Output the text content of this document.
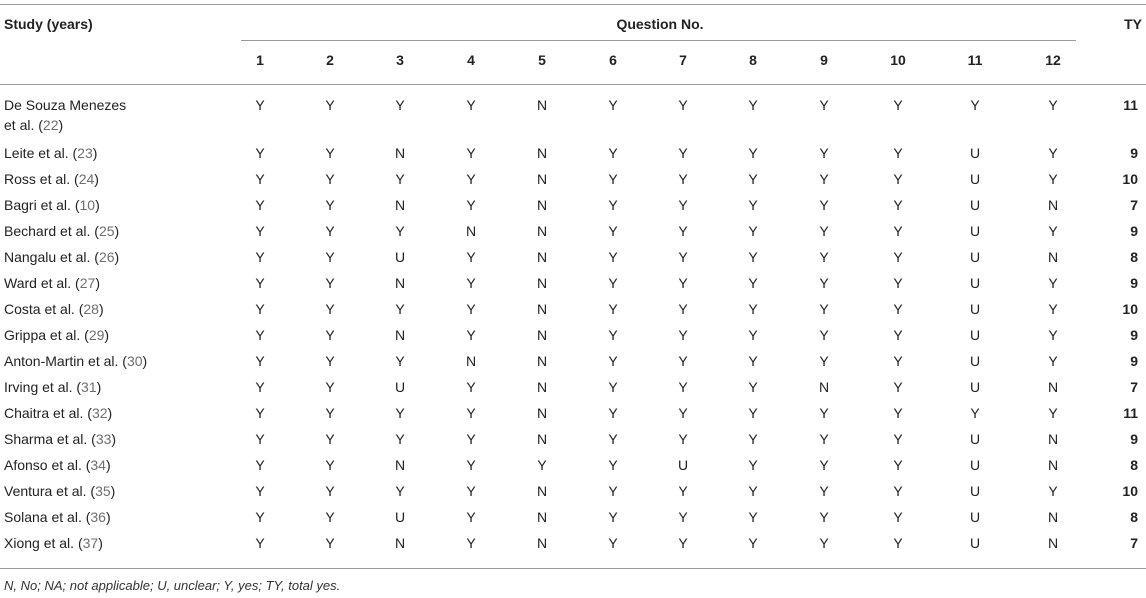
Study (years)	Question No.	TY
1	2	3	4	5	6	7	8	9	10	11	12
De Souza Menezes
et al. (22)
Y	Y	Y	Y	N	Y	Y	Y	Y	Y	Y	Y	11
Leite et al. (23)	Y	Y	N	Y	N	Y	Y	Y	Y	Y	U	Y	9
Ross et al. (24)	Y	Y	Y	Y	N	Y	Y	Y	Y	Y	U	Y	10
Bagri et al. (10)	Y	Y	N	Y	N	Y	Y	Y	Y	Y	U	N	7
Bechard et al. (25)	Y	Y	Y	N	N	Y	Y	Y	Y	Y	U	Y	9
Nangalu et al. (26)	Y	Y	U	Y	N	Y	Y	Y	Y	Y	U	N	8
Ward et al. (27)	Y	Y	N	Y	N	Y	Y	Y	Y	Y	U	Y	9
Costa et al. (28)	Y	Y	Y	Y	N	Y	Y	Y	Y	Y	U	Y	10
Grippa et al. (29)	Y	Y	N	Y	N	Y	Y	Y	Y	Y	U	Y	9
Anton-Martin et al. (30)	Y	Y	Y	N	N	Y	Y	Y	Y	Y	U	Y	9
Irving et al. (31)	Y	Y	U	Y	N	Y	Y	Y	N	Y	U	N	7
Chaitra et al. (32)	Y	Y	Y	Y	N	Y	Y	Y	Y	Y	Y	Y	11
Sharma et al. (33)	Y	Y	Y	Y	N	Y	Y	Y	Y	Y	U	N	9
Afonso et al. (34)	Y	Y	N	Y	Y	Y	U	Y	Y	Y	U	N	8
Ventura et al. (35)	Y	Y	Y	Y	N	Y	Y	Y	Y	Y	U	Y	10
Solana et al. (36)	Y	Y	U	Y	N	Y	Y	Y	Y	Y	U	N	8
Xiong et al. (37)	Y	Y	N	Y	N	Y	Y	Y	Y	Y	U	N	7
N, No; NA; not applicable; U, unclear; Y, yes; TY, total yes.
